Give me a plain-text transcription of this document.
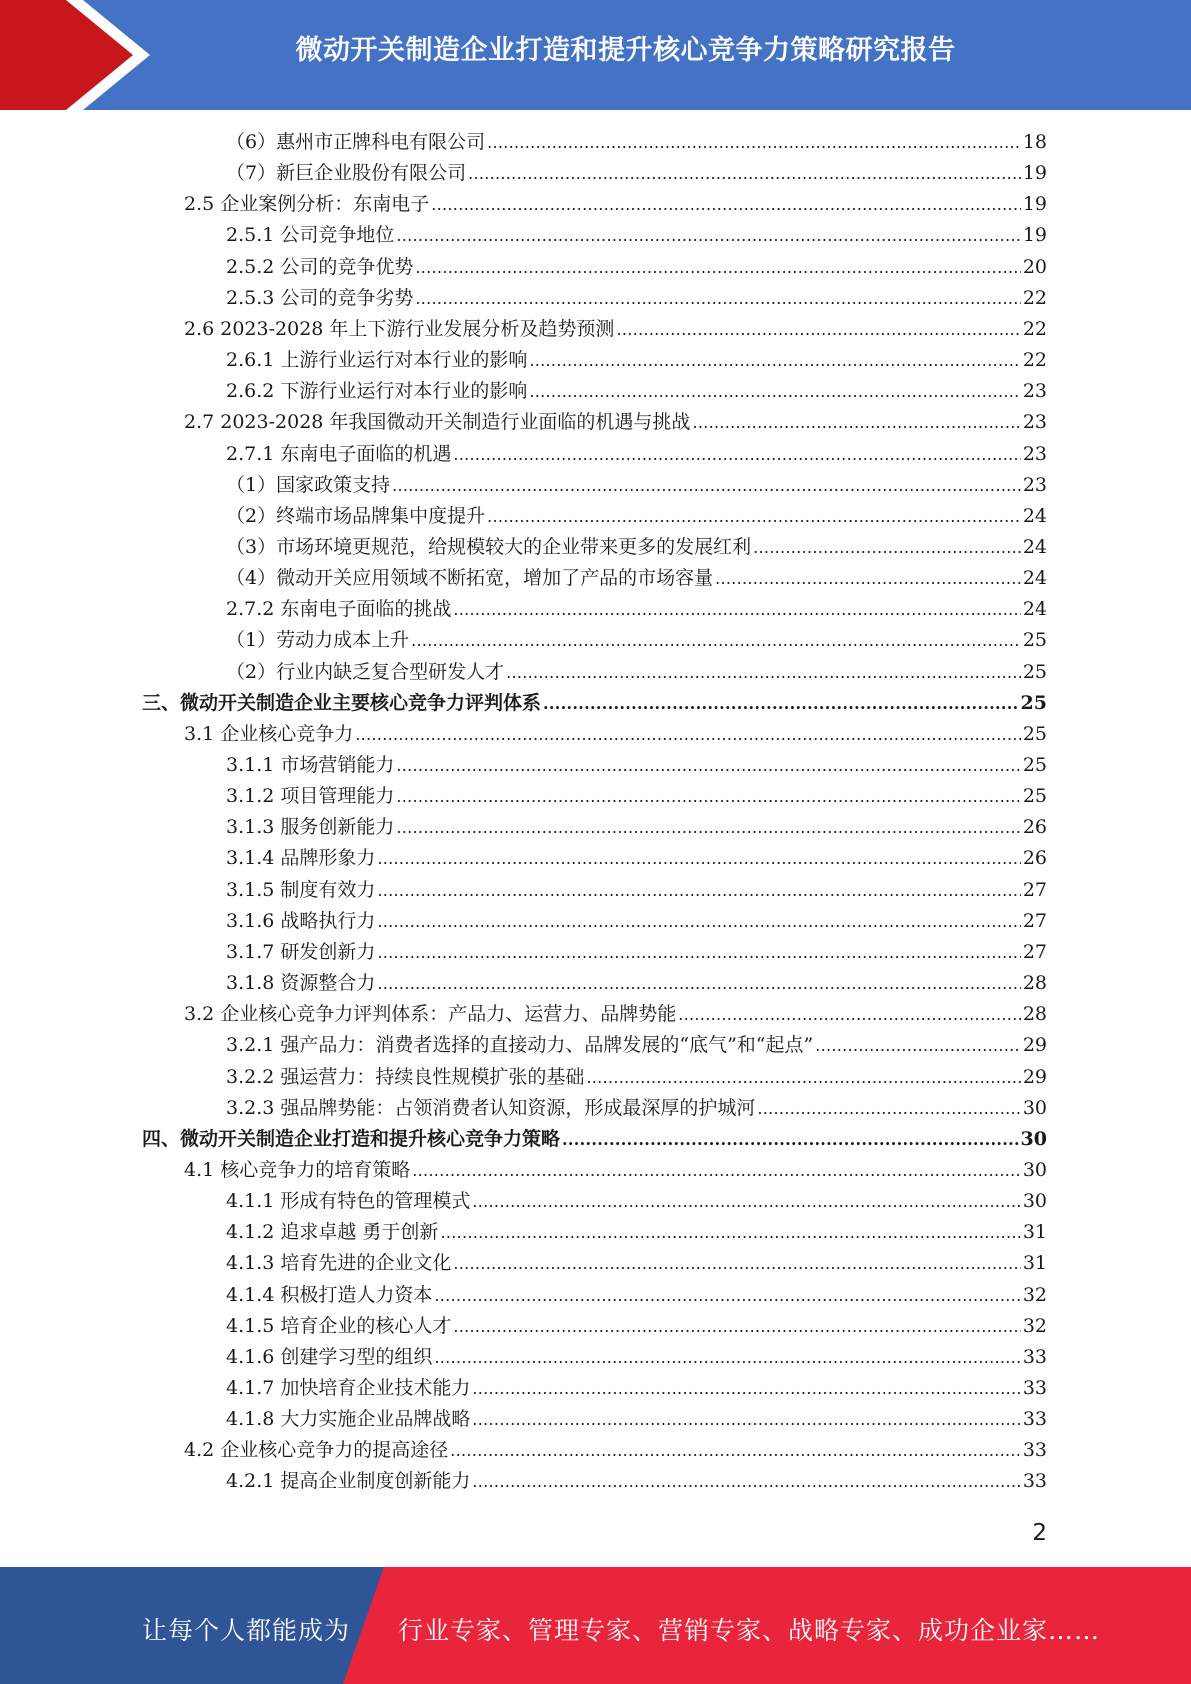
微动开关制造企业打造和提升核心竞争力策略研究报告
（6）惠州市正牌科电有限公司 .....	18
（7）新巨企业股份有限公司 .....	19
2.5 企业案例分析：东南电子 .....	19
2.5.1 公司竞争地位 .....	19
2.5.2 公司的竞争优势 .....	20
2.5.3 公司的竞争劣势 .....	22
2.6 2023-2028 年上下游行业发展分析及趋势预测 .....	22
2.6.1 上游行业运行对本行业的影响 .....	22
2.6.2 下游行业运行对本行业的影响 .....	23
2.7 2023-2028 年我国微动开关制造行业面临的机遇与挑战 .....	23
2.7.1 东南电子面临的机遇 .....	23
（1）国家政策支持 .....	23
（2）终端市场品牌集中度提升 .....	24
（3）市场环境更规范，给规模较大的企业带来更多的发展红利 .....	24
（4）微动开关应用领域不断拓宽，增加了产品的市场容量 .....	24
2.7.2 东南电子面临的挑战 .....	24
（1）劳动力成本上升 .....	25
（2）行业内缺乏复合型研发人才 .....	25
三、微动开关制造企业主要核心竞争力评判体系 .....	25
3.1 企业核心竞争力 .....	25
3.1.1 市场营销能力 .....	25
3.1.2 项目管理能力 .....	25
3.1.3 服务创新能力 .....	26
3.1.4 品牌形象力 .....	26
3.1.5 制度有效力 .....	27
3.1.6 战略执行力 .....	27
3.1.7 研发创新力 .....	27
3.1.8 资源整合力 .....	28
3.2 企业核心竞争力评判体系：产品力、运营力、品牌势能 .....	28
3.2.1 强产品力：消费者选择的直接动力、品牌发展的“底气”和“起点” .....	29
3.2.2 强运营力：持续良性规模扩张的基础 .....	29
3.2.3 强品牌势能：占领消费者认知资源，形成最深厚的护城河 .....	30
四、微动开关制造企业打造和提升核心竞争力策略 .....	30
4.1 核心竞争力的培育策略 .....	30
4.1.1 形成有特色的管理模式 .....	30
4.1.2 追求卓越 勇于创新 .....	31
4.1.3 培育先进的企业文化 .....	31
4.1.4 积极打造人力资本 .....	32
4.1.5 培育企业的核心人才 .....	32
4.1.6 创建学习型的组织 .....	33
4.1.7 加快培育企业技术能力 .....	33
4.1.8 大力实施企业品牌战略 .....	33
4.2 企业核心竞争力的提高途径 .....	33
4.2.1 提高企业制度创新能力 .....	33
2
让每个人都能成为 行业专家、管理专家、营销专家、战略专家、成功企业家……
